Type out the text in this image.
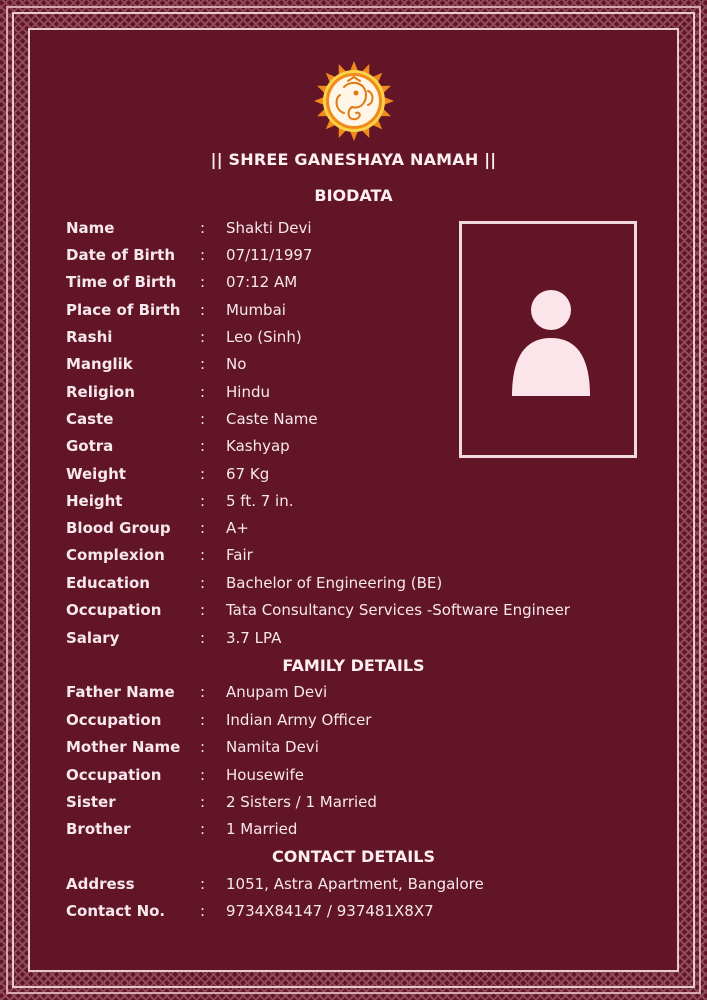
|| SHREE GANESHAYA NAMAH ||
BIODATA
Name	: Shakti Devi
Date of Birth	: 07/11/1997
Time of Birth	: 07:12 AM
Place of Birth	: Mumbai
Rashi	: Leo (Sinh)
Manglik	: No
Religion	: Hindu
Caste	: Caste Name
Gotra	: Kashyap
Weight	: 67 Kg
Height	: 5 ft. 7 in.
Blood Group	: A+
Complexion	: Fair
Education	: Bachelor of Engineering (BE)
Occupation	: Tata Consultancy Services -Software Engineer
Salary	: 3.7 LPA
FAMILY DETAILS
Father Name	: Anupam Devi
Occupation	: Indian Army Officer
Mother Name	: Namita Devi
Occupation	: Housewife
Sister	: 2 Sisters / 1 Married
Brother	: 1 Married
CONTACT DETAILS
Address	: 1051, Astra Apartment, Bangalore
Contact No.	: 9734X84147 / 937481X8X7
